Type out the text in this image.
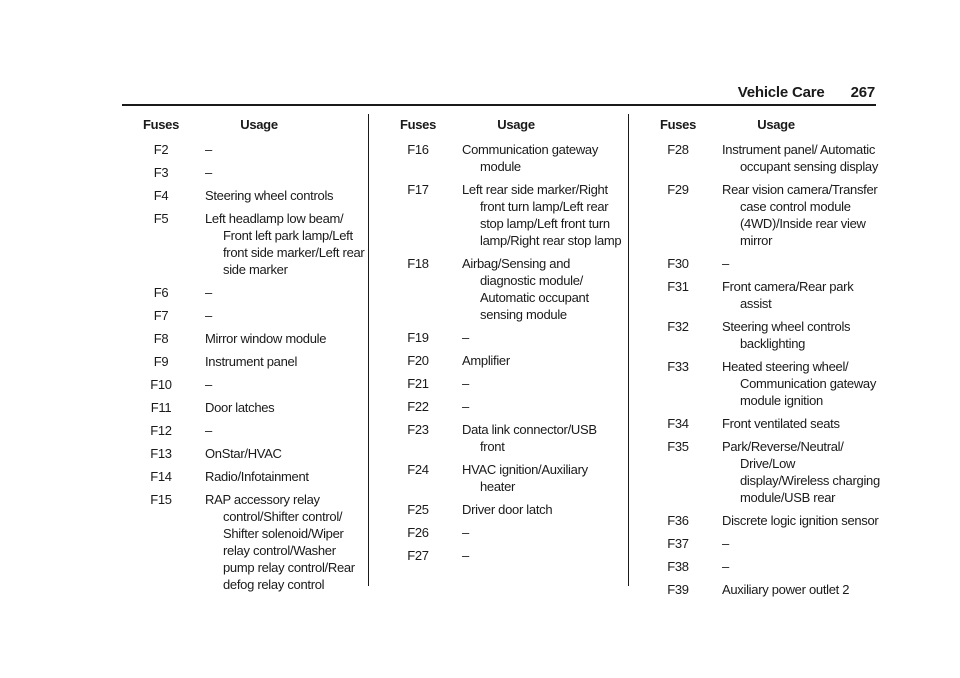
Vehicle Care 267
Fuses	Usage
F2	–
F3	–
F4	Steering wheel controls
F5	Left headlamp low beam/ Front left park lamp/Left front side marker/Left rear side marker
F6	–
F7	–
F8	Mirror window module
F9	Instrument panel
F10	–
F11	Door latches
F12	–
F13	OnStar/HVAC
F14	Radio/Infotainment
F15	RAP accessory relay control/Shifter control/ Shifter solenoid/Wiper relay control/Washer pump relay control/Rear defog relay control
Fuses	Usage
F16	Communication gateway module
F17	Left rear side marker/Right front turn lamp/Left rear stop lamp/Left front turn lamp/Right rear stop lamp
F18	Airbag/Sensing and diagnostic module/ Automatic occupant sensing module
F19	–
F20	Amplifier
F21	–
F22	–
F23	Data link connector/USB front
F24	HVAC ignition/Auxiliary heater
F25	Driver door latch
F26	–
F27	–
Fuses	Usage
F28	Instrument panel/ Automatic occupant sensing display
F29	Rear vision camera/Transfer case control module (4WD)/Inside rear view mirror
F30	–
F31	Front camera/Rear park assist
F32	Steering wheel controls backlighting
F33	Heated steering wheel/ Communication gateway module ignition
F34	Front ventilated seats
F35	Park/Reverse/Neutral/ Drive/Low display/Wireless charging module/USB rear
F36	Discrete logic ignition sensor
F37	–
F38	–
F39	Auxiliary power outlet 2
